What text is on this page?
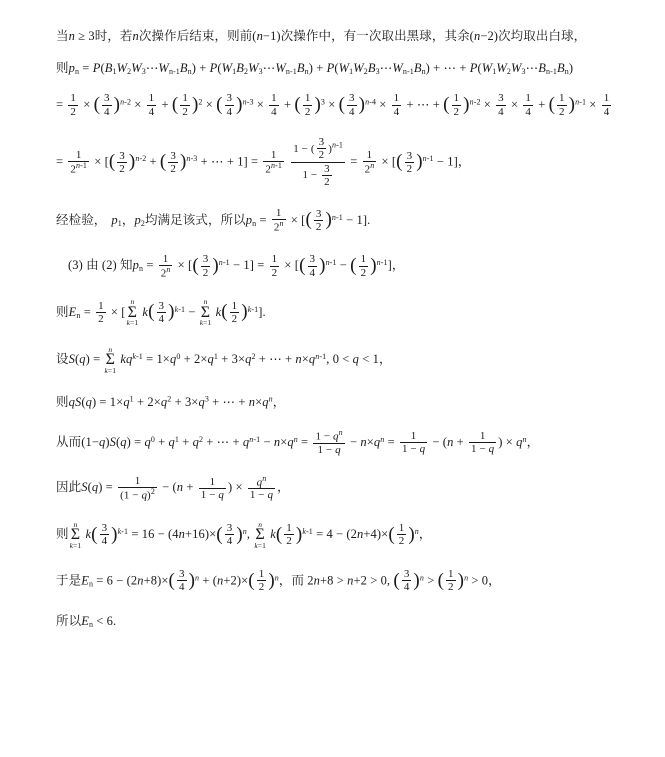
当n ≥ 3时，若n次操作后结束，则前(n−1)次操作中，有一次取出黑球，其余(n−2)次均取出白球，
则$p_n$ = $P(B_1W_2W_3\cdots W_{n-1}B_n)$ + $P(W_1B_2W_3\cdots W_{n-1}B_n)$ + $P(W_1W_2B_3\cdots W_{n-1}B_n)$ + ⋯ + $P(W_1W_2W_3\cdots B_{n-1}B_n)$
= $\frac{1}{2}$ × ( $\frac{3}{4} )^{n-2} \times \frac{1}{4}$ + ( $\frac{1}{2} )^2$ × ( $\frac{3}{4} )^{n-3} \times \frac{1}{4}$ + ( $\frac{1}{2} )^3$ × ( $\frac{3}{4} )^{n-4} \times \frac{1}{4}$ + ⋯ + ( $\frac{1}{2} )^{n-2} \times \frac{3}{4} \times \frac{1}{4}$ + ( $\frac{1}{2} )^{n-1} \times \frac{1}{4}$
= $\frac{1}{2^{n-1}}$ × [( $\frac{3}{2} )^{n-2}$ + ( $\frac{3}{2} )^{n-3}$ + ⋯ + $1] = \frac{1}{2^{n-1}}$
$\frac{1 - ( \frac{3}{2} )^{n-1}}{1 - \frac{3}{2}} = \frac{1}{2^n}$ × [( $\frac{3}{2} )^{n-1} - 1$]，
经检验， $p_1$，$p_2$均满足该式，所以$p_n = \frac{1}{2^n}$ × [( $\frac{3}{2} )^{n-1} - 1$].
(3) 由 (2) 知$p_n = \frac{1}{2^n}$ × [( $\frac{3}{2} )^{n-1} - 1] = \frac{1}{2}$ × [( $\frac{3}{4} )^{n-1}$ − ( $\frac{1}{2} )^{n-1}$]，
则$E_n = \frac{1}{2}$ × [
n
Σ
k=1
$k( \frac{3}{4} )^{k-1}$ −
n
Σ
k=1
$k( \frac{1}{2} )^{k-1}$].
设S(q) =
n
Σ
k=1
$kq^{k-1} = 1\times q^0 + 2\times q^1 + 3\times q^2$ + ⋯ + $n\times q^{n-1}$, 0 < q < 1，
则$qS(q) = 1\times q^1 + 2\times q^2 + 3\times q^3$ + ⋯ + $n\times q^n$，
从而$(1-q)S(q) = q^0 + q^1 + q^2$ + ⋯ + $q^{n-1} - n\times q^n = \frac{1 - q^n}{1 - q} - n\times q^n = \frac{1}{1 - q} - (n + \frac{1}{1 - q}$ ) × $q^n$，
因此$S(q) = \frac{1}{(1 - q)^2} - (n + \frac{1}{1 - q}$ ) × $\frac{q^n}{1 - q}$ ，
则
n
Σ
k=1
$k( \frac{3}{4} )^{k-1} = 16 - (4n+16)\times( \frac{3}{4} )^n$,
n
Σ
k=1
$k( \frac{1}{2} )^{k-1} = 4 - (2n+4)\times( \frac{1}{2} )^n$，
于是$E_n = 6 - (2n+8)\times( \frac{3}{4} )^n + (n+2)\times( \frac{1}{2} )^n$，而 2n+8 > n+2 > 0, ( $\frac{3}{4} )^n$ > ( $\frac{1}{2} )^n > 0$，
所以$E_n < 6$.
